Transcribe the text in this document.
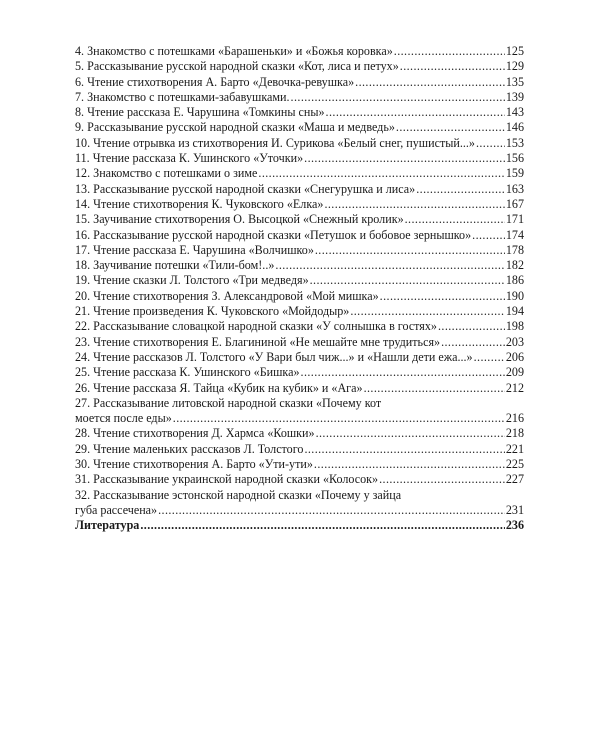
4. Знакомство с потешками «Барашеньки» и «Божья коровка» .....	125
5. Рассказывание русской народной сказки «Кот, лиса и петух» .....	129
6. Чтение стихотворения А. Барто «Девочка-ревушка» .....	135
7. Знакомство с потешками-забавушками. .....	139
8. Чтение рассказа Е. Чарушина «Томкины сны» .....	143
9. Рассказывание русской народной сказки «Маша и медведь» .....	146
10. Чтение отрывка из стихотворения И. Сурикова «Белый снег, пушистый...» .....	153
11. Чтение рассказа К. Ушинского «Уточки» .....	156
12. Знакомство с потешками о зиме .....	159
13. Рассказывание русской народной сказки «Снегурушка и лиса» .....	163
14. Чтение стихотворения К. Чуковского «Елка» .....	167
15. Заучивание стихотворения О. Высоцкой «Снежный кролик» .....	171
16. Рассказывание русской народной сказки «Петушок и бобовое зернышко» .....	174
17. Чтение рассказа Е. Чарушина «Волчишко» .....	178
18. Заучивание потешки «Тили-бом!..» .....	182
19. Чтение сказки Л. Толстого «Три медведя» .....	186
20. Чтение стихотворения З. Александровой «Мой мишка» .....	190
21. Чтение произведения К. Чуковского «Мойдодыр» .....	194
22. Рассказывание словацкой народной сказки «У солнышка в гостях» .....	198
23. Чтение стихотворения Е. Благининой «Не мешайте мне трудиться» .....	203
24. Чтение рассказов Л. Толстого «У Вари был чиж...» и «Нашли дети ежа...» .....	206
25. Чтение рассказа К. Ушинского «Бишка» .....	209
26. Чтение рассказа Я. Тайца «Кубик на кубик» и «Ага» .....	212
27. Рассказывание литовской народной сказки «Почему кот
моется после еды» .....	216
28. Чтение стихотворения Д. Хармса «Кошки» .....	218
29. Чтение маленьких рассказов Л. Толстого .....	221
30. Чтение стихотворения А. Барто «Ути-ути» .....	225
31. Рассказывание украинской народной сказки «Колосок» .....	227
32. Рассказывание эстонской народной сказки «Почему у зайца
губа рассечена» .....	231
Литература .....	236
